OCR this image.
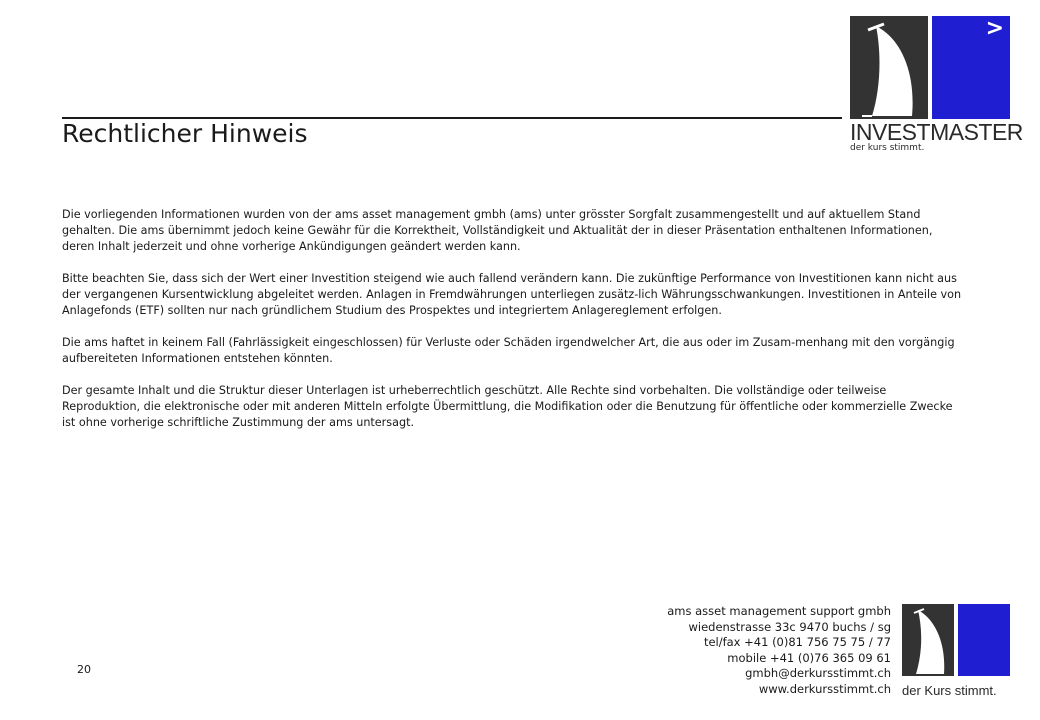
Rechtlicher Hinweis
>
INVESTMASTER
der kurs stimmt.

Die vorliegenden Informationen wurden von der ams asset management gmbh (ams) unter grösster Sorgfalt zusammengestellt und auf aktuellem Stand gehalten. Die ams übernimmt jedoch keine Gewähr für die Korrektheit, Vollständigkeit und Aktualität der in dieser Präsentation enthaltenen Informationen, deren Inhalt jederzeit und ohne vorherige Ankündigungen geändert werden kann.

Bitte beachten Sie, dass sich der Wert einer Investition steigend wie auch fallend verändern kann. Die zukünftige Performance von Investitionen kann nicht aus der vergangenen Kursentwicklung abgeleitet werden. Anlagen in Fremdwährungen unterliegen zusätz-lich Währungsschwankungen. Investitionen in Anteile von Anlagefonds (ETF) sollten nur nach gründlichem Studium des Prospektes und integriertem Anlagereglement erfolgen.

Die ams haftet in keinem Fall (Fahrlässigkeit eingeschlossen) für Verluste oder Schäden irgendwelcher Art, die aus oder im Zusam-menhang mit den vorgängig aufbereiteten Informationen entstehen könnten.

Der gesamte Inhalt und die Struktur dieser Unterlagen ist urheberrechtlich geschützt. Alle Rechte sind vorbehalten. Die vollständige oder teilweise Reproduktion, die elektronische oder mit anderen Mitteln erfolgte Übermittlung, die Modifikation oder die Benutzung für öffentliche oder kommerzielle Zwecke ist ohne vorherige schriftliche Zustimmung der ams untersagt.

20
ams asset management support gmbh
wiedenstrasse 33c 9470 buchs / sg
tel/fax +41 (0)81 756 75 75 / 77
mobile +41 (0)76 365 09 61
gmbh@derkursstimmt.ch
www.derkursstimmt.ch der Kurs stimmt.
